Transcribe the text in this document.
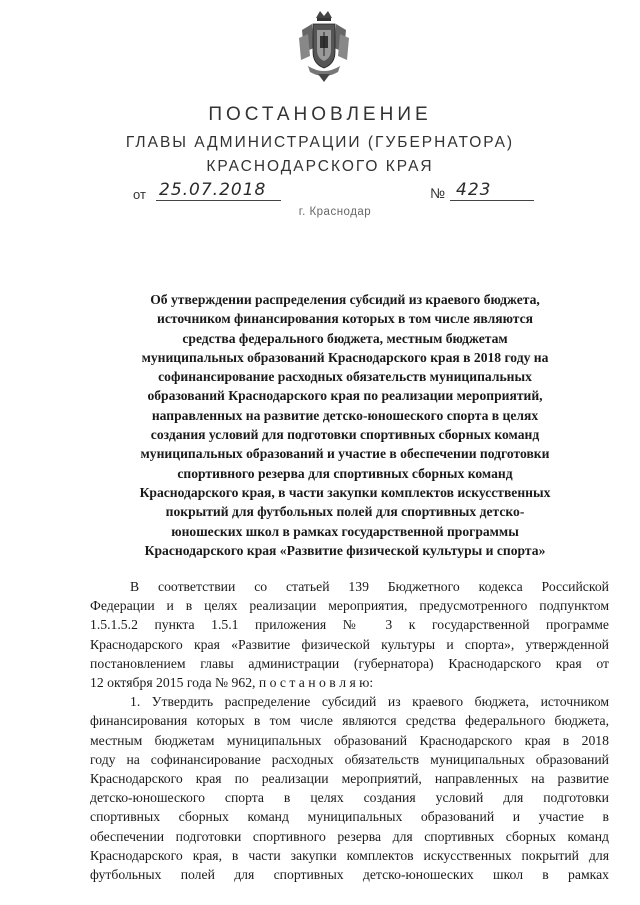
ПОСТАНОВЛЕНИЕ
ГЛАВЫ АДМИНИСТРАЦИИ (ГУБЕРНАТОРА)
КРАСНОДАРСКОГО КРАЯ
от 25.07.2018	№ 423
г. Краснодар
Об утверждении распределения субсидий из краевого бюджета,
источником финансирования которых в том числе являются
средства федерального бюджета, местным бюджетам
муниципальных образований Краснодарского края в 2018 году на
софинансирование расходных обязательств муниципальных
образований Краснодарского края по реализации мероприятий,
направленных на развитие детско-юношеского спорта в целях
создания условий для подготовки спортивных сборных команд
муниципальных образований и участие в обеспечении подготовки
спортивного резерва для спортивных сборных команд
Краснодарского края, в части закупки комплектов искусственных
покрытий для футбольных полей для спортивных детско-
юношеских школ в рамках государственной программы
Краснодарского края «Развитие физической культуры и спорта»
В соответствии со статьей 139 Бюджетного кодекса Российской
Федерации и в целях реализации мероприятия, предусмотренного подпунктом
1.5.1.5.2 пункта 1.5.1 приложения № 3 к государственной программе
Краснодарского края «Развитие физической культуры и спорта», утвержденной
постановлением главы администрации (губернатора) Краснодарского края от
12 октября 2015 года № 962, п о с т а н о в л я ю:
1. Утвердить распределение субсидий из краевого бюджета, источником
финансирования которых в том числе являются средства федерального бюджета,
местным бюджетам муниципальных образований Краснодарского края в 2018
году на софинансирование расходных обязательств муниципальных образований
Краснодарского края по реализации мероприятий, направленных на развитие
детско-юношеского спорта в целях создания условий для подготовки
спортивных сборных команд муниципальных образований и участие в
обеспечении подготовки спортивного резерва для спортивных сборных команд
Краснодарского края, в части закупки комплектов искусственных покрытий для
футбольных полей для спортивных детско-юношеских школ в рамках
